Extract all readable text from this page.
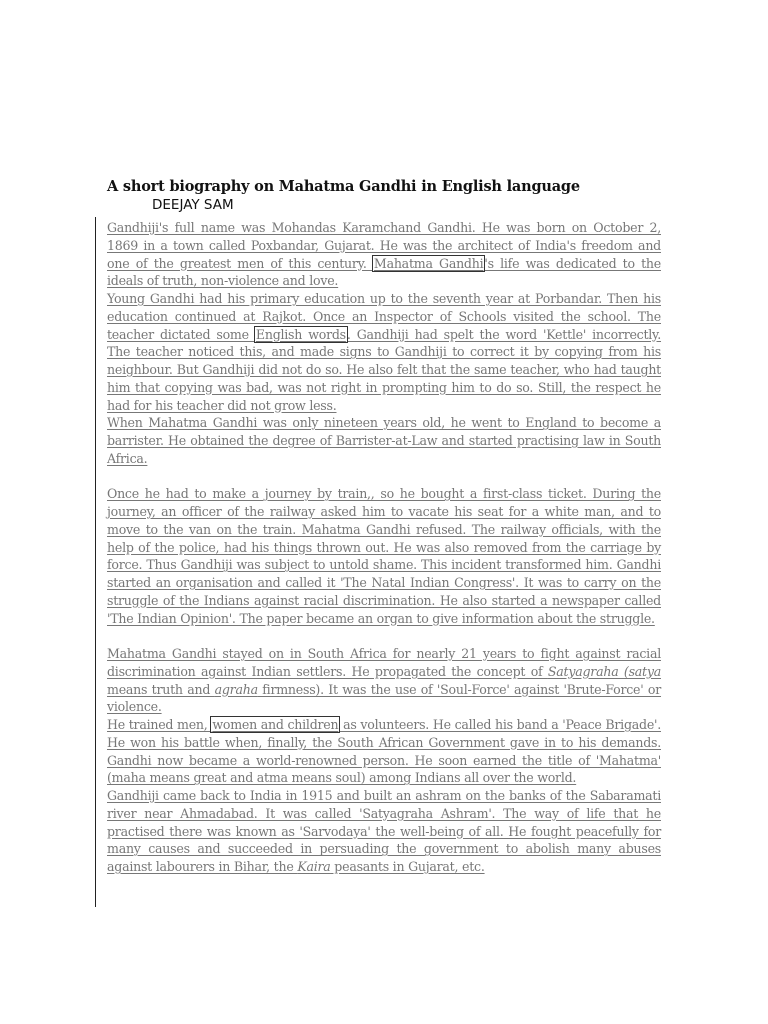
A short biography on Mahatma Gandhi in English language
DEEJAY SAM

Gandhiji's full name was Mohandas Karamchand Gandhi. He was born on October 2, 1869 in a town called Poxbandar, Gujarat. He was the architect of India's freedom and one of the greatest men of this century. Mahatma Gandhi's life was dedicated to the ideals of truth, non-violence and love.

Young Gandhi had his primary education up to the seventh year at Porbandar. Then his education continued at Rajkot. Once an Inspector of Schools visited the school. The teacher dictated some English words. Gandhiji had spelt the word 'Kettle' incorrectly. The teacher noticed this, and made signs to Gandhiji to correct it by copying from his neighbour. But Gandhiji did not do so. He also felt that the same teacher, who had taught him that copying was bad, was not right in prompting him to do so. Still, the respect he had for his teacher did not grow less.

When Mahatma Gandhi was only nineteen years old, he went to England to become a barrister. He obtained the degree of Barrister-at-Law and started practising law in South Africa.

Once he had to make a journey by train,, so he bought a first-class ticket. During the journey, an officer of the railway asked him to vacate his seat for a white man, and to move to the van on the train. Mahatma Gandhi refused. The railway officials, with the help of the police, had his things thrown out. He was also removed from the carriage by force. Thus Gandhiji was subject to untold shame. This incident transformed him. Gandhi started an organisation and called it 'The Natal Indian Congress'. It was to carry on the struggle of the Indians against racial discrimination. He also started a newspaper called 'The Indian Opinion'. The paper became an organ to give information about the struggle.

Mahatma Gandhi stayed on in South Africa for nearly 21 years to fight against racial discrimination against Indian settlers. He propagated the concept of Satyagraha (satya means truth and agraha firmness). It was the use of 'Soul-Force' against 'Brute-Force' or violence.

He trained men, women and children as volunteers. He called his band a 'Peace Brigade'. He won his battle when, finally, the South African Government gave in to his demands. Gandhi now became a world-renowned person. He soon earned the title of 'Mahatma' (maha means great and atma means soul) among Indians all over the world.

Gandhiji came back to India in 1915 and built an ashram on the banks of the Sabaramati river near Ahmadabad. It was called 'Satyagraha Ashram'. The way of life that he practised there was known as 'Sarvodaya' the well-being of all. He fought peacefully for many causes and succeeded in persuading the government to abolish many abuses against labourers in Bihar, the Kaira peasants in Gujarat, etc.
